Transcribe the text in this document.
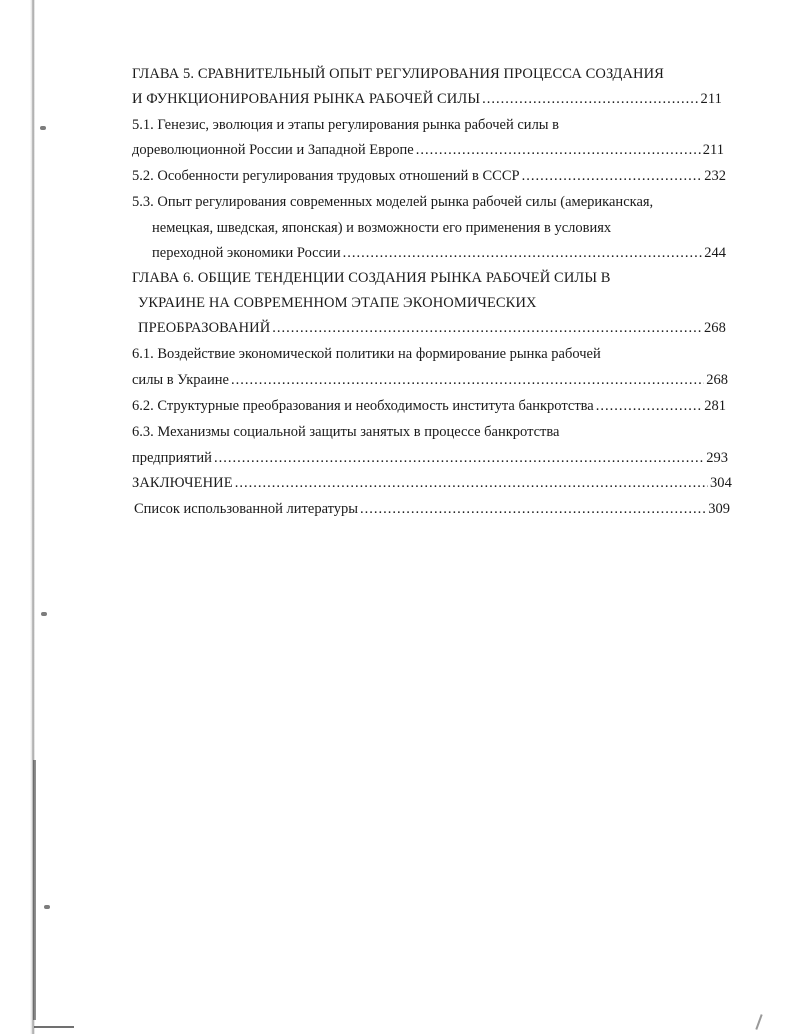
ГЛАВА 5. СРАВНИТЕЛЬНЫЙ ОПЫТ РЕГУЛИРОВАНИЯ ПРОЦЕССА СОЗДАНИЯ
И ФУНКЦИОНИРОВАНИЯ РЫНКА РАБОЧЕЙ СИЛЫ .....	211
5.1. Генезис, эволюция и этапы регулирования рынка рабочей силы в
дореволюционной России и Западной Европе .....	211
5.2. Особенности регулирования трудовых отношений в СССР .....	232
5.3. Опыт регулирования современных моделей рынка рабочей силы (американская,
немецкая, шведская, японская) и возможности его применения в условиях
переходной экономики России .....	244
ГЛАВА 6. ОБЩИЕ ТЕНДЕНЦИИ СОЗДАНИЯ РЫНКА РАБОЧЕЙ СИЛЫ В
УКРАИНЕ НА СОВРЕМЕННОМ ЭТАПЕ ЭКОНОМИЧЕСКИХ
ПРЕОБРАЗОВАНИЙ .....	268
6.1. Воздействие экономической политики на формирование рынка рабочей
силы в Украине .....	268
6.2. Структурные преобразования и необходимость института банкротства .....	281
6.3. Механизмы социальной защиты занятых в процессе банкротства
предприятий .....	293
ЗАКЛЮЧЕНИЕ .....	304
Список использованной литературы .....	309
